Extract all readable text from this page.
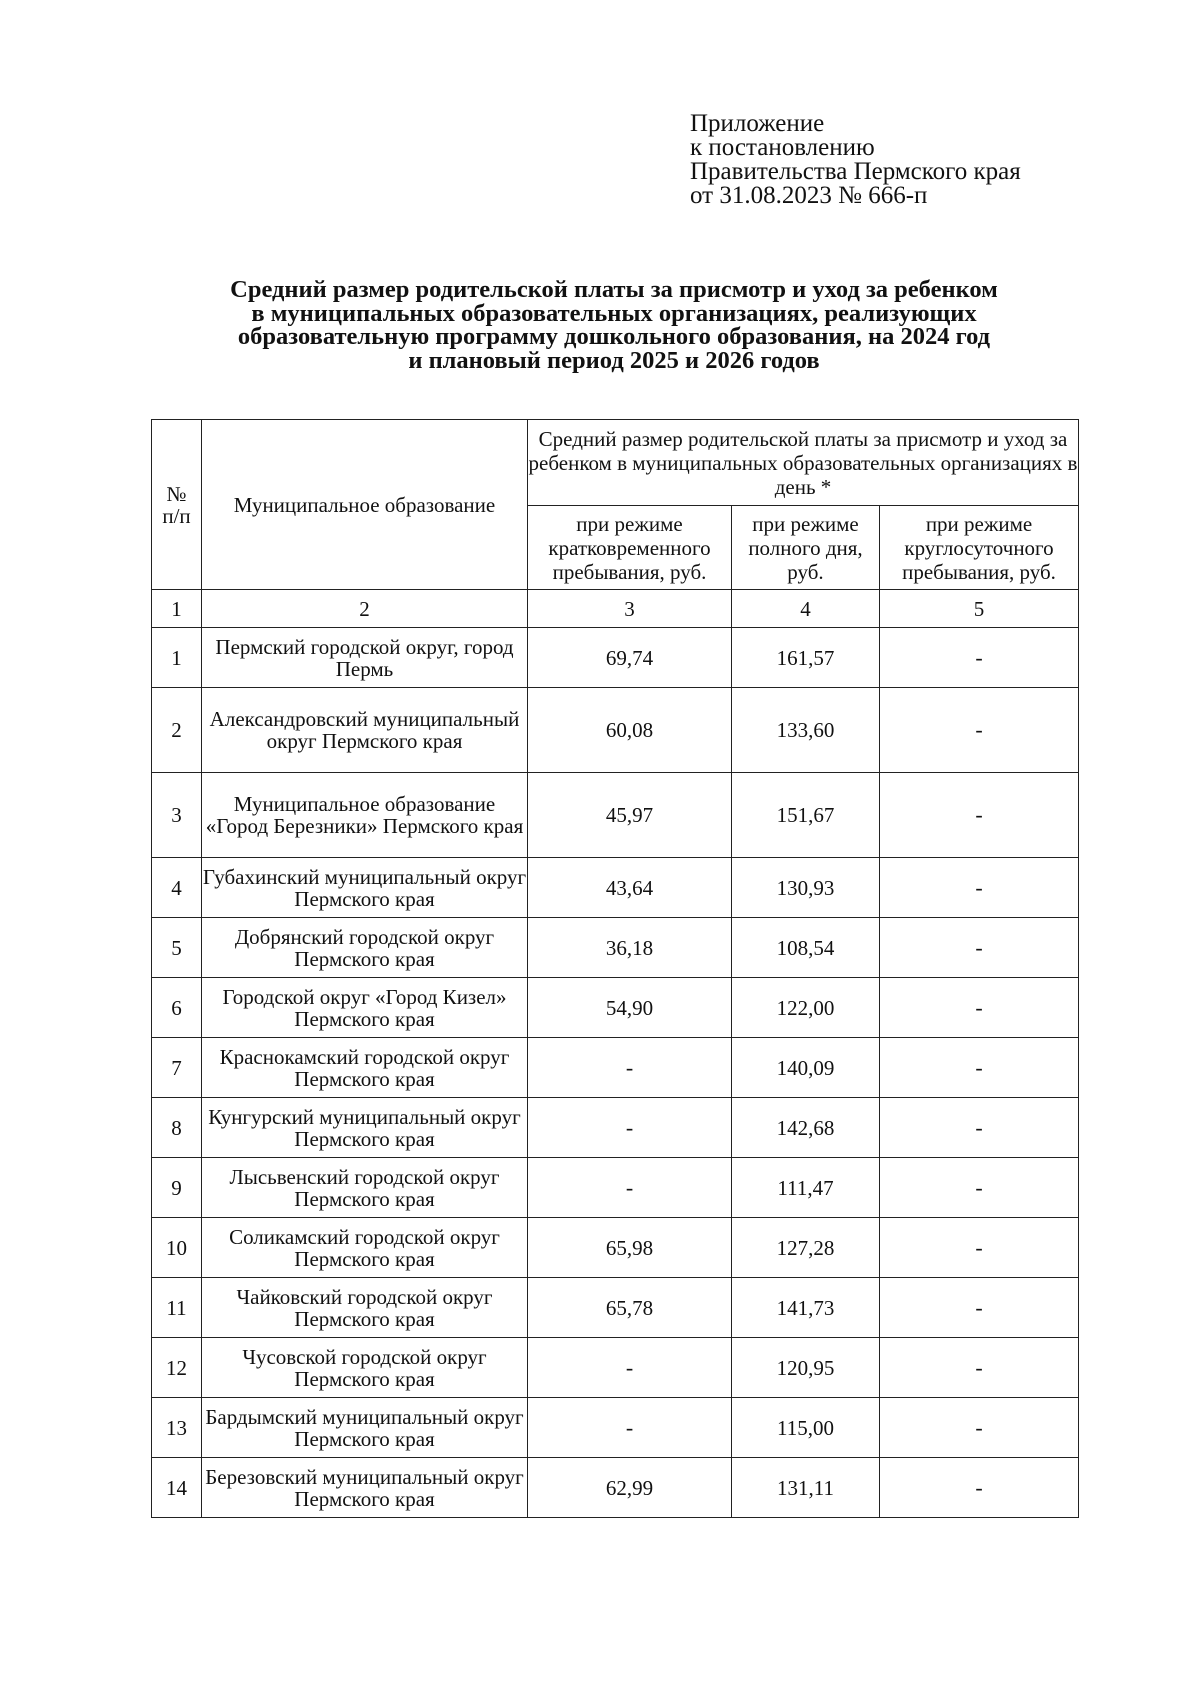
Приложение
к постановлению
Правительства Пермского края
от 31.08.2023 № 666-п
Средний размер родительской платы за присмотр и уход за ребенком
в муниципальных образовательных организациях, реализующих
образовательную программу дошкольного образования, на 2024 год
и плановый период 2025 и 2026 годов
№ п/п	Муниципальное образование	Средний размер родительской платы за присмотр и уход за ребенком в муниципальных образовательных организациях в день *		
		при режиме кратковременного пребывания, руб.	при режиме полного дня, руб.	при режиме круглосуточного пребывания, руб.
1	2	3	4	5
1	Пермский городской округ, город Пермь	69,74	161,57	-
2	Александровский муниципальный округ Пермского края	60,08	133,60	-
3	Муниципальное образование «Город Березники» Пермского края	45,97	151,67	-
4	Губахинский муниципальный округ Пермского края	43,64	130,93	-
5	Добрянский городской округ Пермского края	36,18	108,54	-
6	Городской округ «Город Кизел» Пермского края	54,90	122,00	-
7	Краснокамский городской округ Пермского края	-	140,09	-
8	Кунгурский муниципальный округ Пермского края	-	142,68	-
9	Лысьвенский городской округ Пермского края	-	111,47	-
10	Соликамский городской округ Пермского края	65,98	127,28	-
11	Чайковский городской округ Пермского края	65,78	141,73	-
12	Чусовской городской округ Пермского края	-	120,95	-
13	Бардымский муниципальный округ Пермского края	-	115,00	-
14	Березовский муниципальный округ Пермского края	62,99	131,11	-
